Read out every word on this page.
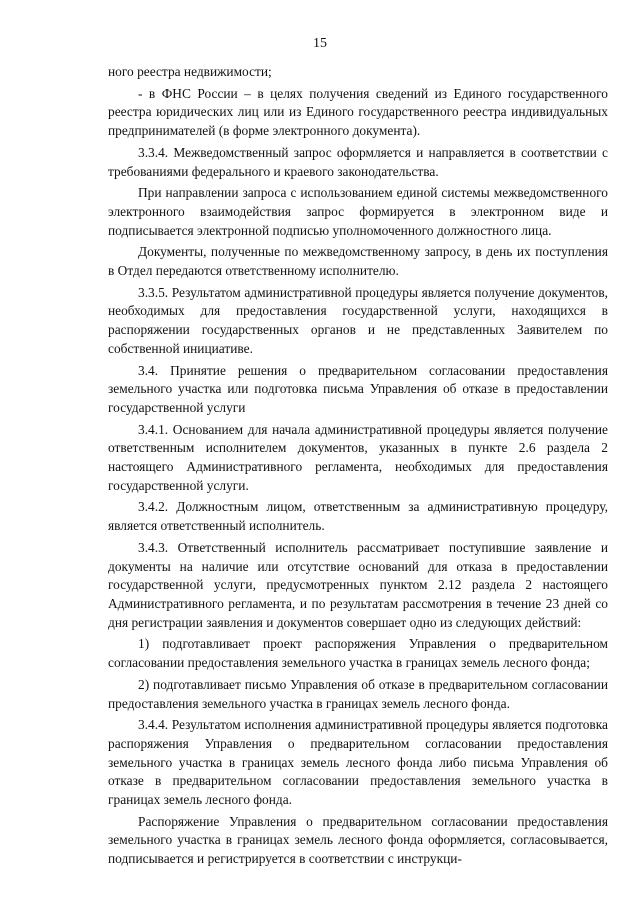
15

ного реестра недвижимости;

- в ФНС России – в целях получения сведений из Единого государственного реестра юридических лиц или из Единого государственного реестра индивидуальных предпринимателей (в форме электронного документа).

3.3.4. Межведомственный запрос оформляется и направляется в соответствии с требованиями федерального и краевого законодательства.

При направлении запроса с использованием единой системы межведомственного электронного взаимодействия запрос формируется в электронном виде и подписывается электронной подписью уполномоченного должностного лица.

Документы, полученные по межведомственному запросу, в день их поступления в Отдел передаются ответственному исполнителю.

3.3.5. Результатом административной процедуры является получение документов, необходимых для предоставления государственной услуги, находящихся в распоряжении государственных органов и не представленных Заявителем по собственной инициативе.

3.4. Принятие решения о предварительном согласовании предоставления земельного участка или подготовка письма Управления об отказе в предоставлении государственной услуги

3.4.1. Основанием для начала административной процедуры является получение ответственным исполнителем документов, указанных в пункте 2.6 раздела 2 настоящего Административного регламента, необходимых для предоставления государственной услуги.

3.4.2. Должностным лицом, ответственным за административную процедуру, является ответственный исполнитель.

3.4.3. Ответственный исполнитель рассматривает поступившие заявление и документы на наличие или отсутствие оснований для отказа в предоставлении государственной услуги, предусмотренных пунктом 2.12 раздела 2 настоящего Административного регламента, и по результатам рассмотрения в течение 23 дней со дня регистрации заявления и документов совершает одно из следующих действий:

1) подготавливает проект распоряжения Управления о предварительном согласовании предоставления земельного участка в границах земель лесного фонда;

2) подготавливает письмо Управления об отказе в предварительном согласовании предоставления земельного участка в границах земель лесного фонда.

3.4.4. Результатом исполнения административной процедуры является подготовка распоряжения Управления о предварительном согласовании предоставления земельного участка в границах земель лесного фонда либо письма Управления об отказе в предварительном согласовании предоставления земельного участка в границах земель лесного фонда.

Распоряжение Управления о предварительном согласовании предоставления земельного участка в границах земель лесного фонда оформляется, согласовывается, подписывается и регистрируется в соответствии с инструкци-
